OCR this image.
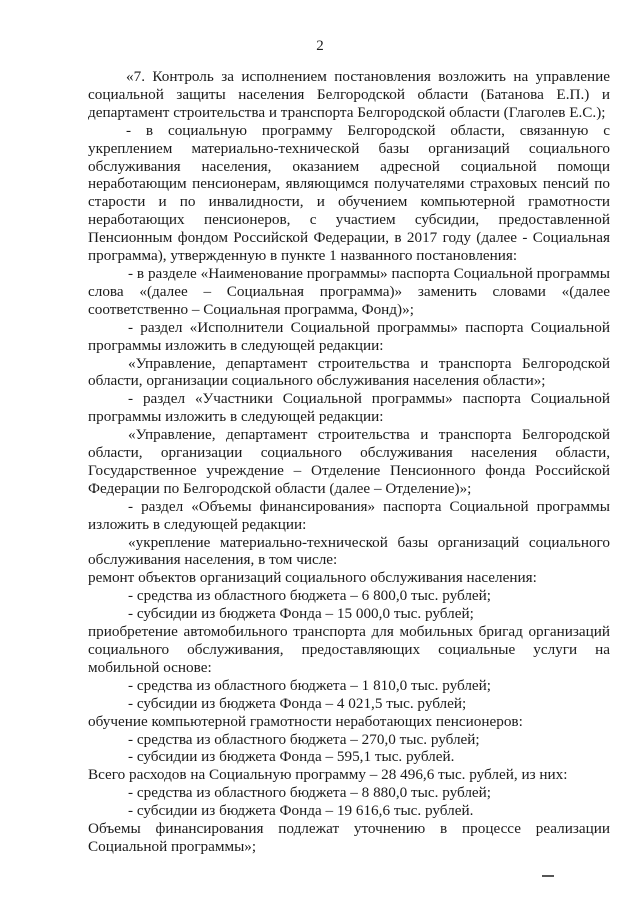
2

«7. Контроль за исполнением постановления возложить на управление социальной защиты населения Белгородской области (Батанова Е.П.) и департамент строительства и транспорта Белгородской области (Глаголев Е.С.);

- в социальную программу Белгородской области, связанную с укреплением материально-технической базы организаций социального обслуживания населения, оказанием адресной социальной помощи неработающим пенсионерам, являющимся получателями страховых пенсий по старости и по инвалидности, и обучением компьютерной грамотности неработающих пенсионеров, с участием субсидии, предоставленной Пенсионным фондом Российской Федерации, в 2017 году (далее - Социальная программа), утвержденную в пункте 1 названного постановления:

- в разделе «Наименование программы» паспорта Социальной программы слова «(далее – Социальная программа)» заменить словами «(далее соответственно – Социальная программа, Фонд)»;

- раздел «Исполнители Социальной программы» паспорта Социальной программы изложить в следующей редакции:

«Управление, департамент строительства и транспорта Белгородской области, организации социального обслуживания населения области»;

- раздел «Участники Социальной программы» паспорта Социальной программы изложить в следующей редакции:

«Управление, департамент строительства и транспорта Белгородской области, организации социального обслуживания населения области, Государственное учреждение – Отделение Пенсионного фонда Российской Федерации по Белгородской области (далее – Отделение)»;

- раздел «Объемы финансирования» паспорта Социальной программы изложить в следующей редакции:

«укрепление материально-технической базы организаций социального обслуживания населения, в том числе:

ремонт объектов организаций социального обслуживания населения:

- средства из областного бюджета – 6 800,0 тыс. рублей;

- субсидии из бюджета Фонда – 15 000,0 тыс. рублей;

приобретение автомобильного транспорта для мобильных бригад организаций социального обслуживания, предоставляющих социальные услуги на мобильной основе:

- средства из областного бюджета – 1 810,0 тыс. рублей;

- субсидии из бюджета Фонда – 4 021,5 тыс. рублей;

обучение компьютерной грамотности неработающих пенсионеров:

- средства из областного бюджета – 270,0 тыс. рублей;

- субсидии из бюджета Фонда – 595,1 тыс. рублей.

Всего расходов на Социальную программу – 28 496,6 тыс. рублей, из них:

- средства из областного бюджета – 8 880,0 тыс. рублей;

- субсидии из бюджета Фонда – 19 616,6 тыс. рублей.

Объемы финансирования подлежат уточнению в процессе реализации Социальной программы»;
